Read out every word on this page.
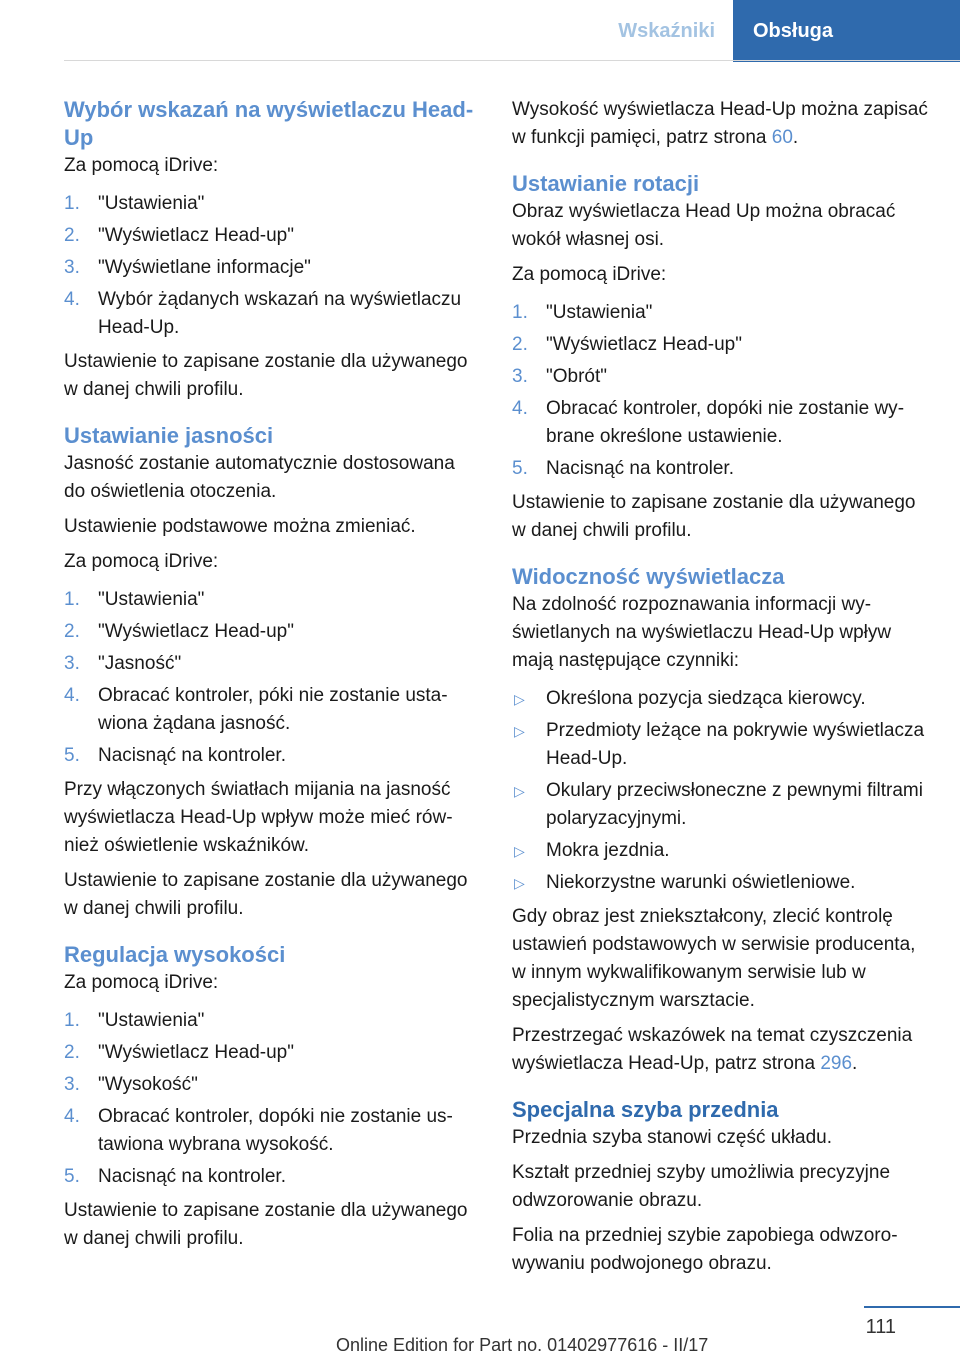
Wskaźniki	Obsługa
Wybór wskazań na wyświetlaczu Head-Up

Za pomocą iDrive:

1. "Ustawienia"
2. "Wyświetlacz Head-up"
3. "Wyświetlane informacje"
4. Wybór żądanych wskazań na wyświetlaczu Head-Up.

Ustawienie to zapisane zostanie dla używanego w danej chwili profilu.

Ustawianie jasności

Jasność zostanie automatycznie dostosowana do oświetlenia otoczenia.

Ustawienie podstawowe można zmieniać.

Za pomocą iDrive:

1. "Ustawienia"
2. "Wyświetlacz Head-up"
3. "Jasność"
4. Obracać kontroler, póki nie zostanie ustawiona żądana jasność.
5. Nacisnąć na kontroler.

Przy włączonych światłach mijania na jasność wyświetlacza Head-Up wpływ może mieć również oświetlenie wskaźników.

Ustawienie to zapisane zostanie dla używanego w danej chwili profilu.

Regulacja wysokości

Za pomocą iDrive:

1. "Ustawienia"
2. "Wyświetlacz Head-up"
3. "Wysokość"
4. Obracać kontroler, dopóki nie zostanie ustawiona wybrana wysokość.
5. Nacisnąć na kontroler.

Ustawienie to zapisane zostanie dla używanego w danej chwili profilu.

Wysokość wyświetlacza Head-Up można zapisać w funkcji pamięci, patrz strona 60.

Ustawianie rotacji

Obraz wyświetlacza Head Up można obracać wokół własnej osi.

Za pomocą iDrive:

1. "Ustawienia"
2. "Wyświetlacz Head-up"
3. "Obrót"
4. Obracać kontroler, dopóki nie zostanie wybrane określone ustawienie.
5. Nacisnąć na kontroler.

Ustawienie to zapisane zostanie dla używanego w danej chwili profilu.

Widoczność wyświetlacza

Na zdolność rozpoznawania informacji wyświetlanych na wyświetlaczu Head-Up wpływ mają następujące czynniki:

▷ Określona pozycja siedząca kierowcy.
▷ Przedmioty leżące na pokrywie wyświetlacza Head-Up.
▷ Okulary przeciwsłoneczne z pewnymi filtrami polaryzacyjnymi.
▷ Mokra jezdnia.
▷ Niekorzystne warunki oświetleniowe.

Gdy obraz jest zniekształcony, zlecić kontrolę ustawień podstawowych w serwisie producenta, w innym wykwalifikowanym serwisie lub w specjalistycznym warsztacie.

Przestrzegać wskazówek na temat czyszczenia wyświetlacza Head-Up, patrz strona 296.

Specjalna szyba przednia

Przednia szyba stanowi część układu.

Kształt przedniej szyby umożliwia precyzyjne odwzorowanie obrazu.

Folia na przedniej szybie zapobiega odwzorowywaniu podwojonego obrazu.

111
Online Edition for Part no. 01402977616 - II/17
